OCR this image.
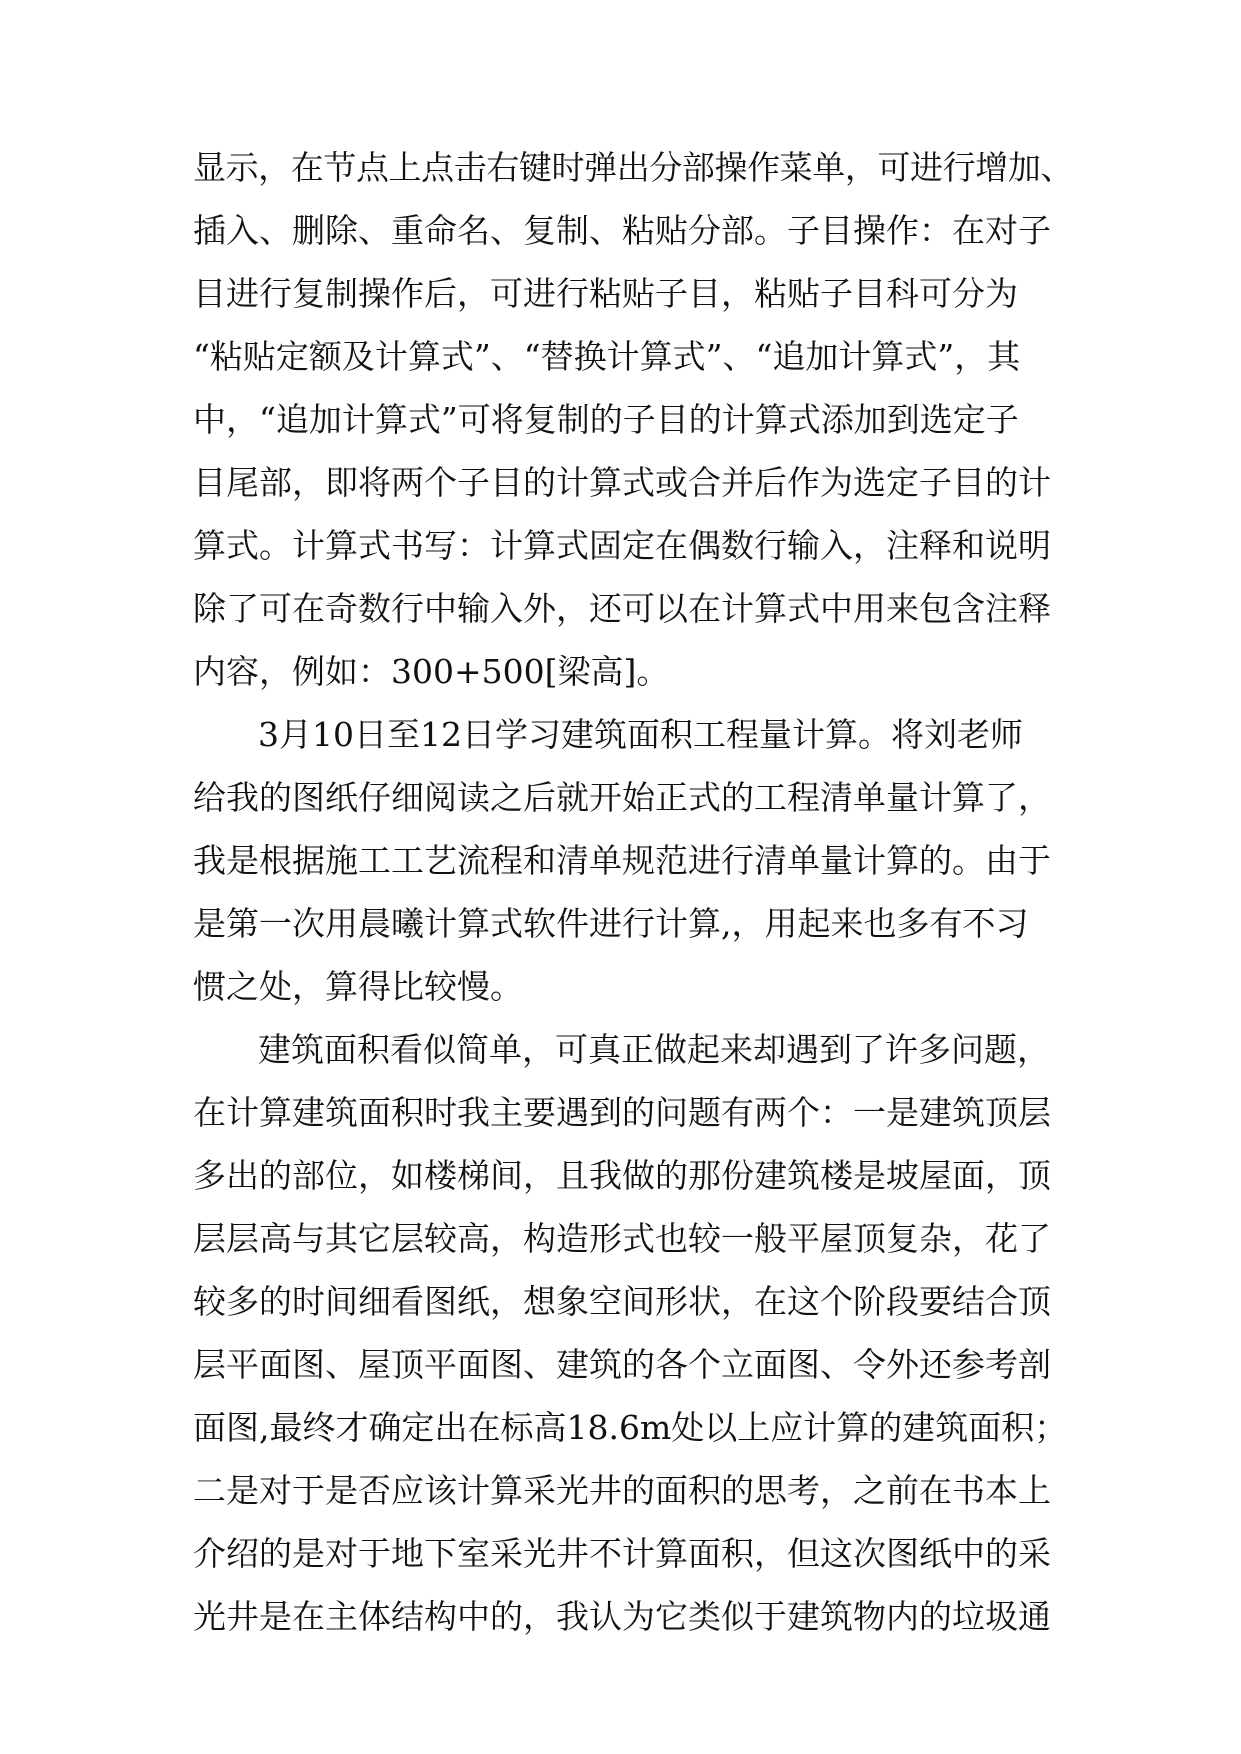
显示，在节点上点击右键时弹出分部操作菜单，可进行增加、
插入、删除、重命名、复制、粘贴分部。子目操作：在对子
目进行复制操作后，可进行粘贴子目，粘贴子目科可分为
“粘贴定额及计算式”、“替换计算式”、“追加计算式”，其
中，“追加计算式”可将复制的子目的计算式添加到选定子
目尾部，即将两个子目的计算式或合并后作为选定子目的计
算式。计算式书写：计算式固定在偶数行输入，注释和说明
除了可在奇数行中输入外，还可以在计算式中用来包含注释
内容，例如：300+500[梁高]。
3月10日至12日学习建筑面积工程量计算。将刘老师
给我的图纸仔细阅读之后就开始正式的工程清单量计算了，
我是根据施工工艺流程和清单规范进行清单量计算的。由于
是第一次用晨曦计算式软件进行计算,，用起来也多有不习
惯之处，算得比较慢。
建筑面积看似简单，可真正做起来却遇到了许多问题，
在计算建筑面积时我主要遇到的问题有两个：一是建筑顶层
多出的部位，如楼梯间，且我做的那份建筑楼是坡屋面，顶
层层高与其它层较高，构造形式也较一般平屋顶复杂，花了
较多的时间细看图纸，想象空间形状，在这个阶段要结合顶
层平面图、屋顶平面图、建筑的各个立面图、令外还参考剖
面图,最终才确定出在标高18.6m处以上应计算的建筑面积；
二是对于是否应该计算采光井的面积的思考，之前在书本上
介绍的是对于地下室采光井不计算面积，但这次图纸中的采
光井是在主体结构中的，我认为它类似于建筑物内的垃圾通
